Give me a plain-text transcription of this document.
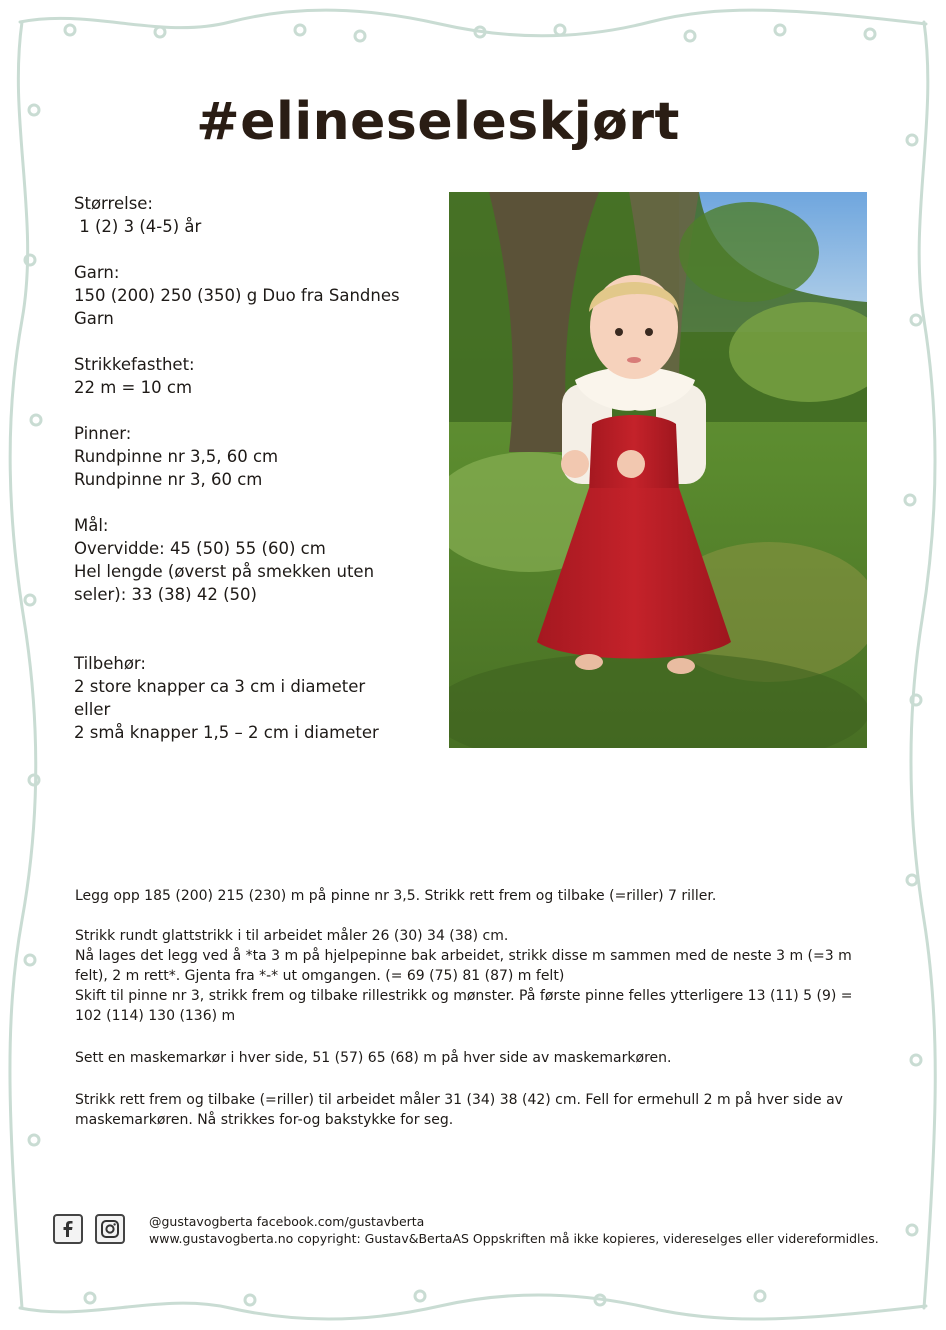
#elineseleskjørt
Størrelse:
1 (2) 3 (4-5) år
Garn:
150 (200) 250 (350) g Duo fra Sandnes
Garn
Strikkefasthet:
22 m = 10 cm
Pinner:
Rundpinne nr 3,5, 60 cm
Rundpinne nr 3, 60 cm
Mål:
Overvidde: 45 (50) 55 (60) cm
Hel lengde (øverst på smekken uten
seler): 33 (38) 42 (50)
Tilbehør:
2 store knapper ca 3 cm i diameter
eller
2 små knapper 1,5 – 2 cm i diameter

Legg opp 185 (200) 215 (230) m på pinne nr 3,5. Strikk rett frem og tilbake (=riller) 7 riller.

Strikk rundt glattstrikk i til arbeidet måler 26 (30) 34 (38) cm.

Nå lages det legg ved å *ta 3 m på hjelpepinne bak arbeidet, strikk disse m sammen med de neste 3 m (=3 m felt), 2 m rett*. Gjenta fra *-* ut omgangen. (= 69 (75) 81 (87) m felt)

Skift til pinne nr 3, strikk frem og tilbake rillestrikk og mønster. På første pinne felles ytterligere 13 (11) 5 (9) = 102 (114) 130 (136) m

Sett en maskemarkør i hver side, 51 (57) 65 (68) m på hver side av maskemarkøren.

Strikk rett frem og tilbake (=riller) til arbeidet måler 31 (34) 38 (42) cm. Fell for ermehull 2 m på hver side av maskemarkøren. Nå strikkes for-og bakstykke for seg.

@gustavogberta facebook.com/gustavberta
www.gustavogberta.no copyright: Gustav&BertaAS Oppskriften må ikke kopieres, videreselges eller videreformidles.
